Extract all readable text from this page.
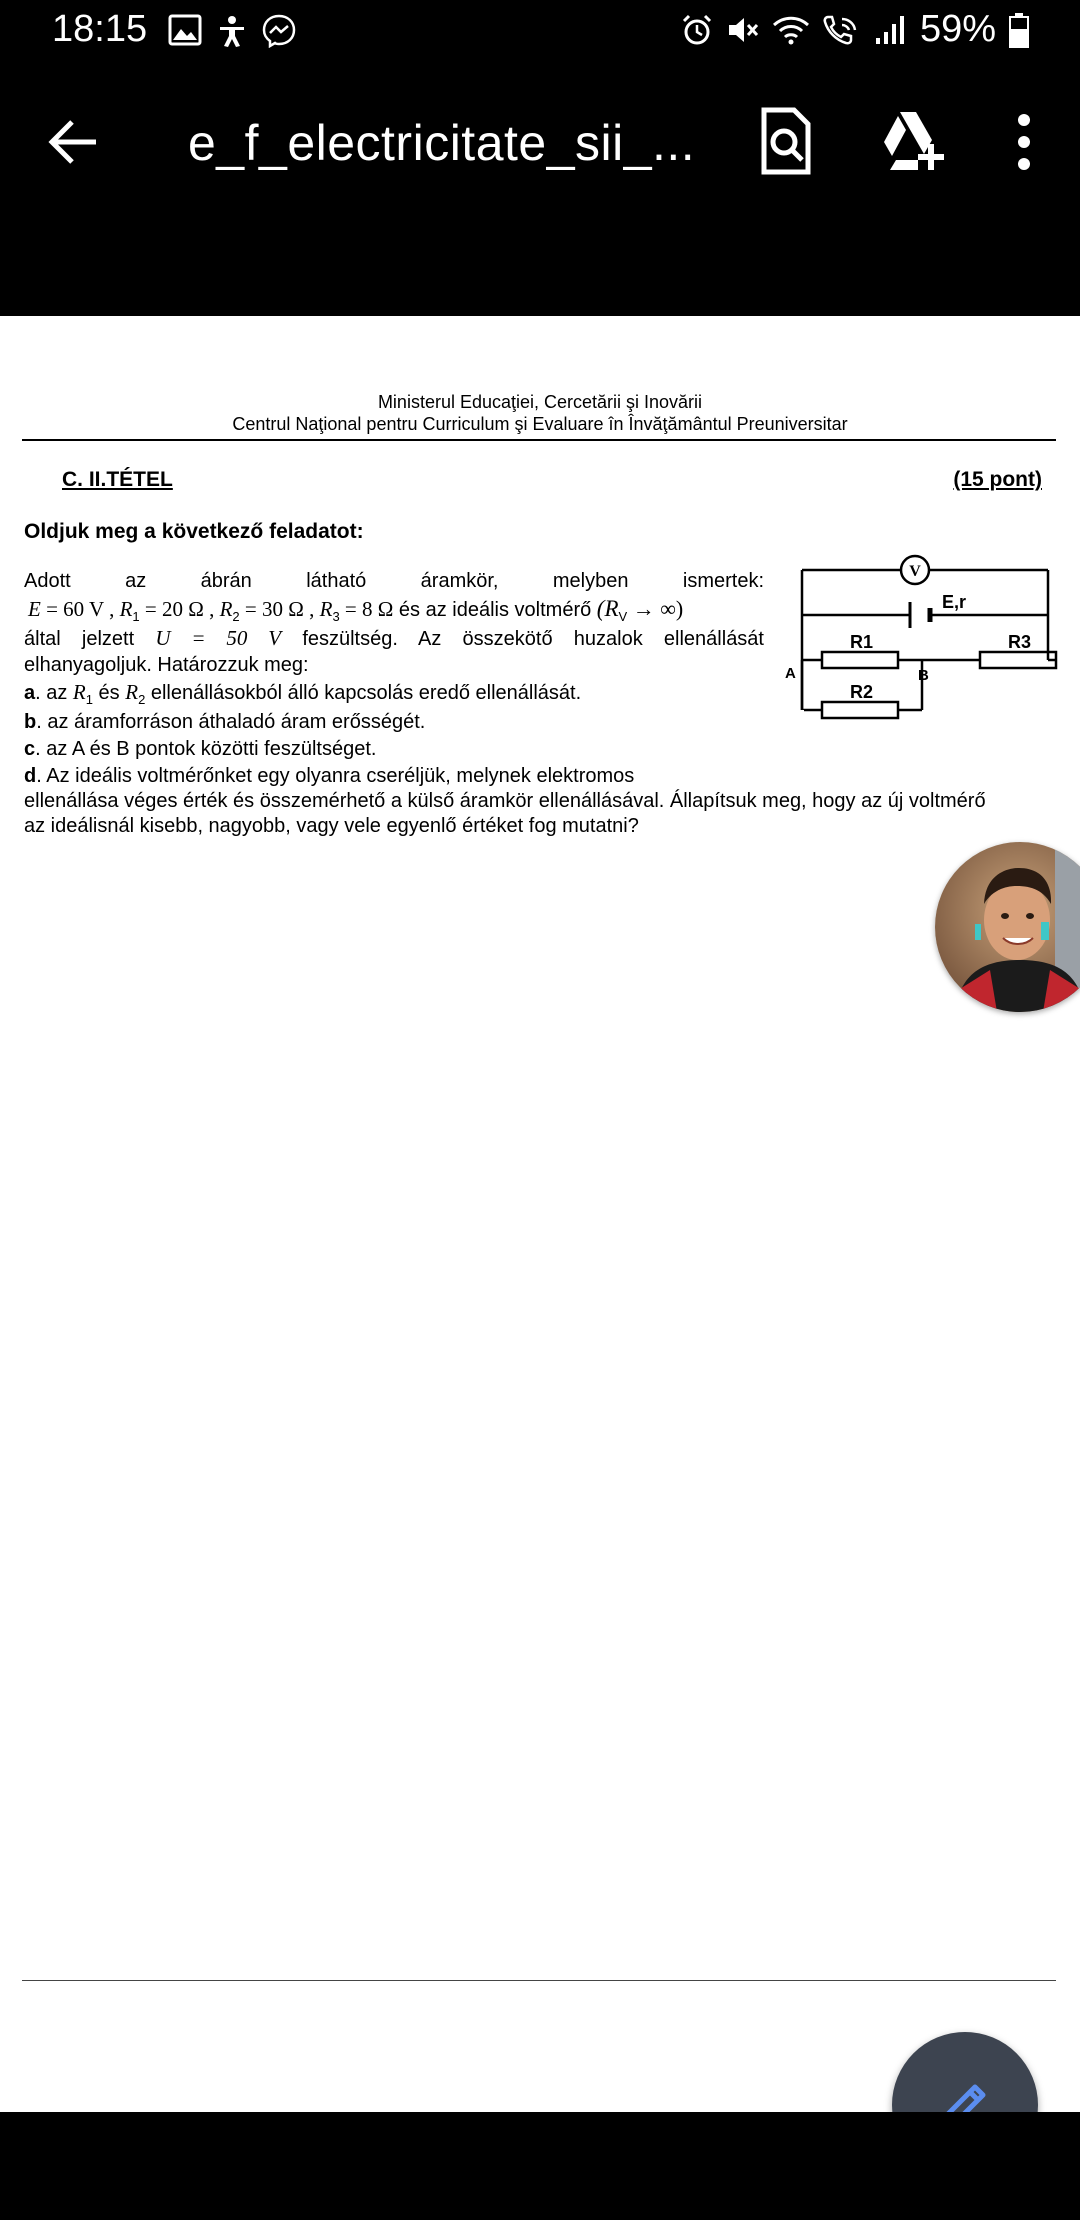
18:15	59%
e_f_electricitate_sii_...
Ministerul Educaţiei, Cercetării şi Inovării
Centrul Naţional pentru Curriculum şi Evaluare în Învăţământul Preuniversitar
C. II.TÉTEL	(15 pont)
Oldjuk meg a következő feladatot:
Adott	az	ábrán	látható	áramkör,	melyben	ismertek:
E = 60 V , $R_1 = 20$ Ω , $R_2 = 30$ Ω , $R_3 = 8$ Ω és az ideális voltmérő ($R_V$ → ∞)
által jelzett U = 50 V feszültség. Az összekötő huzalok ellenállását
elhanyagoljuk. Határozzuk meg:
a. az $R_1$ és $R_2$ ellenállásokból álló kapcsolás eredő ellenállását.
b. az áramforráson áthaladó áram erősségét.
c. az A és B pontok közötti feszültséget.
d. Az ideális voltmérőnket egy olyanra cseréljük, melynek elektromos
ellenállása véges érték és összemérhető a külső áramkör ellenállásával. Állapítsuk meg, hogy az új voltmérő
az ideálisnál kisebb, nagyobb, vagy vele egyenlő értéket fog mutatni?
V
E,r
R1
R2
R3
A	B
